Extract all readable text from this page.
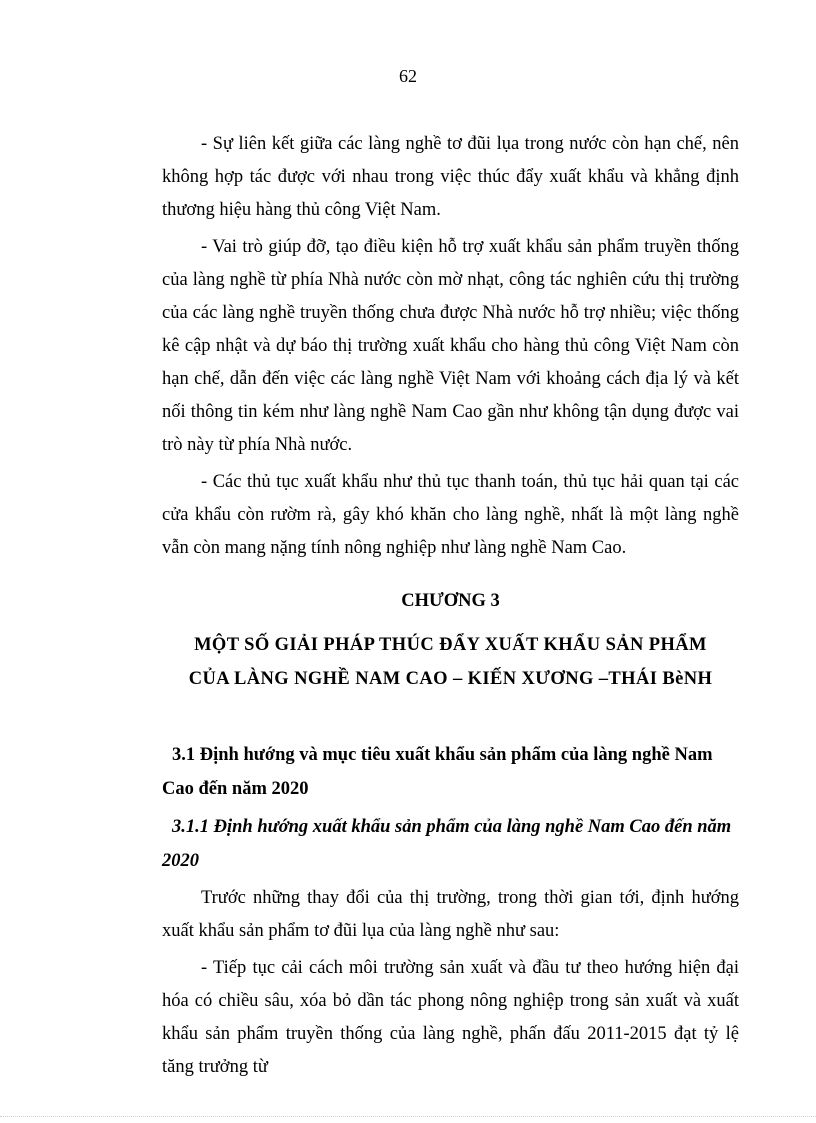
62

- Sự liên kết giữa các làng nghề tơ đũi lụa trong nước còn hạn chế, nên không hợp tác được với nhau trong việc thúc đẩy xuất khẩu và khẳng định thương hiệu hàng thủ công Việt Nam.

- Vai trò giúp đỡ, tạo điều kiện hỗ trợ xuất khẩu sản phẩm truyền thống của làng nghề từ phía Nhà nước còn mờ nhạt, công tác nghiên cứu thị trường của các làng nghề truyền thống chưa được Nhà nước hỗ trợ nhiều; việc thống kê cập nhật và dự báo thị trường xuất khẩu cho hàng thủ công Việt Nam còn hạn chế, dẫn đến việc các làng nghề Việt Nam với khoảng cách địa lý và kết nối thông tin kém như làng nghề Nam Cao gần như không tận dụng được vai trò này từ phía Nhà nước.

- Các thủ tục xuất khẩu như thủ tục thanh toán, thủ tục hải quan tại các cửa khẩu còn rườm rà, gây khó khăn cho làng nghề, nhất là một làng nghề vẫn còn mang nặng tính nông nghiệp như làng nghề Nam Cao.

CHƯƠNG 3
MỘT SỐ GIẢI PHÁP THÚC ĐẨY XUẤT KHẨU SẢN PHẨM
CỦA LÀNG NGHỀ NAM CAO – KIẾN XƯƠNG –THÁI BèNH
3.1 Định hướng và mục tiêu xuất khẩu sản phẩm của làng nghề Nam Cao đến năm 2020
3.1.1 Định hướng xuất khẩu sản phẩm của làng nghề Nam Cao đến năm 2020

Trước những thay đổi của thị trường, trong thời gian tới, định hướng xuất khẩu sản phẩm tơ đũi lụa của làng nghề như sau:

- Tiếp tục cải cách môi trường sản xuất và đầu tư theo hướng hiện đại hóa có chiều sâu, xóa bỏ dần tác phong nông nghiệp trong sản xuất và xuất khẩu sản phẩm truyền thống của làng nghề, phấn đấu 2011-2015 đạt tỷ lệ tăng trưởng từ
